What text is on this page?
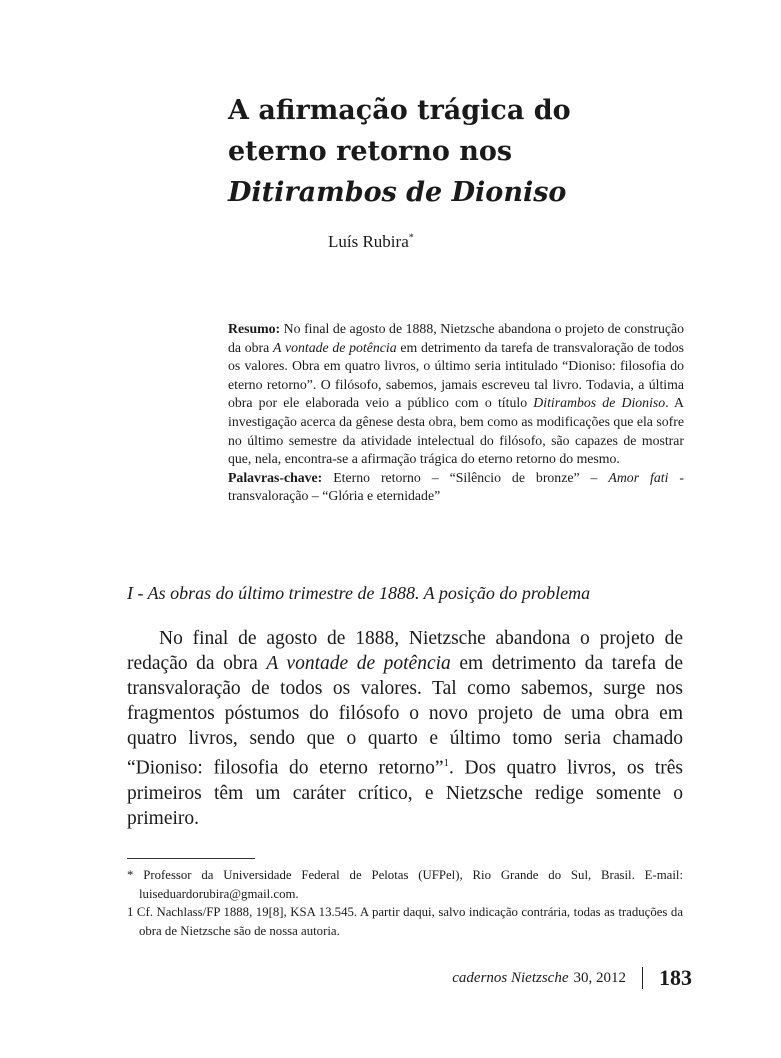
A afirmação trágica do
eterno retorno nos
Ditirambos de Dioniso
Luís Rubira*

Resumo: No final de agosto de 1888, Nietzsche abandona o projeto de construção da obra A vontade de potência em detrimento da tarefa de transvaloração de todos os valores. Obra em quatro livros, o último seria intitulado “Dioniso: filosofia do eterno retorno”. O filósofo, sabemos, jamais escreveu tal livro. Todavia, a última obra por ele elaborada veio a público com o título Ditirambos de Dioniso. A investigação acerca da gênese desta obra, bem como as modificações que ela sofre no último semestre da atividade intelectual do filósofo, são capazes de mostrar que, nela, encontra-se a afirmação trágica do eterno retorno do mesmo.

Palavras-chave: Eterno retorno – “Silêncio de bronze” – Amor fati - transvaloração – “Glória e eternidade”

I - As obras do último trimestre de 1888. A posição do problema

No final de agosto de 1888, Nietzsche abandona o projeto de redação da obra A vontade de potência em detrimento da tarefa de transvaloração de todos os valores. Tal como sabemos, surge nos fragmentos póstumos do filósofo o novo projeto de uma obra em quatro livros, sendo que o quarto e último tomo seria chamado “Dioniso: filosofia do eterno retorno”$^1$. Dos quatro livros, os três primeiros têm um caráter crítico, e Nietzsche redige somente o primeiro.

* Professor da Universidade Federal de Pelotas (UFPel), Rio Grande do Sul, Brasil. E-mail: luiseduardorubira@gmail.com.

1 Cf. Nachlass/FP 1888, 19[8], KSA 13.545. A partir daqui, salvo indicação contrária, todas as traduções da obra de Nietzsche são de nossa autoria.

cadernos Nietzsche 30, 2012 183
